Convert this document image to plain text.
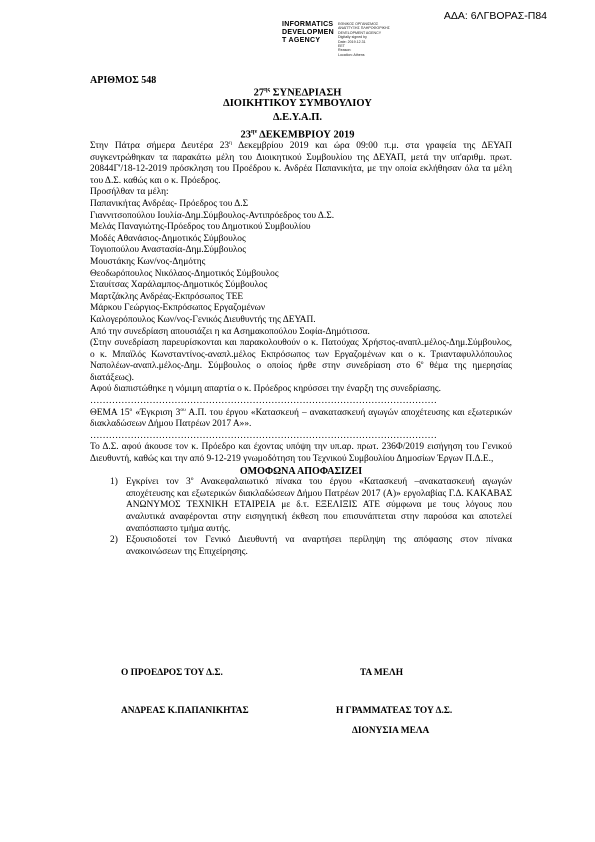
ΑΔΑ: 6ΛΓΒΟΡΑΣ-Π84
INFORMATICS
DEVELOPMEN
T AGENCY
ΕΘΝΙΚΟΣ ΟΡΓΑΝΙΣΜΟΣ
ΑΝΑΠΤΥΞΗΣ ΠΛΗΡΟΦΟΡΙΚΗΣ
DEVELOPMENT AGENCY
Digitally signed by
Date: 2019.12.31
EET
Reason:
Location: Athens
ΑΡΙΘΜΟΣ 548
$27^{\eta\varsigma}$ ΣΥΝΕΔΡΙΑΣΗ
ΔΙΟΙΚΗΤΙΚΟΥ ΣΥΜΒΟΥΛΙΟΥ
Δ.Ε.Υ.Α.Π.
$23^{\eta\nu}$ ΔΕΚΕΜΒΡΙΟΥ 2019

Στην Πάτρα σήμερα Δευτέρα $23^\eta$ Δεκεμβρίου 2019 και ώρα 09:00 π.μ. στα γραφεία της ΔΕΥΑΠ συγκεντρώθηκαν τα παρακάτω μέλη του Διοικητικού Συμβουλίου της ΔΕΥΑΠ, μετά την υπ'αριθμ. πρωτ. 20844Γ'/18-12-2019 πρόσκληση του Προέδρου κ. Ανδρέα Παπανικήτα, με την οποία εκλήθησαν όλα τα μέλη του Δ.Σ. καθώς και ο κ. Πρόεδρος.

Προσήλθαν τα μέλη:

Παπανικήτας Ανδρέας- Πρόεδρος του Δ.Σ

Γιαννιτσοπούλου Ιουλία-Δημ.Σύμβουλος-Αντιπρόεδρος του Δ.Σ.

Μελάς Παναγιώτης-Πρόεδρος του Δημοτικού Συμβουλίου

Μοδές Αθανάσιος-Δημοτικός Σύμβουλος

Τογιοπούλου Αναστασία-Δημ.Σύμβουλος

Μουστάκης Κων/νος-Δημότης

Θεοδωρόπουλος Νικόλαος-Δημοτικός Σύμβουλος

Σταυίτσας Χαράλαμπος-Δημοτικός Σύμβουλος

Μαρτζάκλης Ανδρέας-Εκπρόσωπος ΤΕΕ

Μάρκου Γεώργιος-Εκπρόσωπος Εργαζομένων

Καλογερόπουλος Κων/νος-Γενικός Διευθυντής της ΔΕΥΑΠ.

Από την συνεδρίαση απουσιάζει η κα Ασημακοπούλου Σοφία-Δημότισσα.

(Στην συνεδρίαση παρευρίσκονται και παρακολουθούν ο κ. Πατούχας Χρήστος-αναπλ.μέλος-Δημ.Σύμβουλος, ο κ. Μπαϊλός Κωνσταντίνος-αναπλ.μέλος Εκπρόσωπος των Εργαζομένων και ο κ. Τριανταφυλλόπουλος Ναπολέων-αναπλ.μέλος-Δημ. Σύμβουλος ο οποίος ήρθε στην συνεδρίαση στο $6^o$ θέμα της ημερησίας διατάξεως).

Αφού διαπιστώθηκε η νόμιμη απαρτία ο κ. Πρόεδρος κηρύσσει την έναρξη της συνεδρίασης.

…………………………………………………………………………………………………

ΘΕΜΑ $15^o$ «Έγκριση $3^{o\upsilon}$ Α.Π. του έργου «Κατασκευή – ανακατασκευή αγωγών αποχέτευσης και εξωτερικών διακλαδώσεων Δήμου Πατρέων 2017 Α»».

…………………………………………………………………………………………………

Το Δ.Σ. αφού άκουσε τον κ. Πρόεδρο και έχοντας υπόψη την υπ.αρ. πρωτ. 236Φ/2019 εισήγηση του Γενικού Διευθυντή, καθώς και την από 9-12-219 γνωμοδότηση του Τεχνικού Συμβουλίου Δημοσίων Έργων Π.Δ.Ε.,

ΟΜΟΦΩΝΑ ΑΠΟΦΑΣΙΖΕΙ

1) Εγκρίνει τον $3^o$ Ανακεφαλαιωτικό πίνακα του έργου «Κατασκευή –ανακατασκευή αγωγών αποχέτευσης και εξωτερικών διακλαδώσεων Δήμου Πατρέων 2017 (Α)» εργολαβίας Γ.Δ. ΚΑΚΑΒΑΣ ΑΝΩΝΥΜΟΣ ΤΕΧΝΙΚΗ ΕΤΑΙΡΕΙΑ με δ.τ. ΕΞΕΛΙΞΙΣ ΑΤΕ σύμφωνα με τους λόγους που αναλυτικά αναφέρονται στην εισηγητική έκθεση που επισυνάπτεται στην παρούσα και αποτελεί αναπόσπαστο τμήμα αυτής.
2) Εξουσιοδοτεί τον Γενικό Διευθυντή να αναρτήσει περίληψη της απόφασης στον πίνακα ανακοινώσεων της Επιχείρησης.
Ο ΠΡΟΕΔΡΟΣ ΤΟΥ Δ.Σ.	ΤΑ ΜΕΛΗ
ΑΝΔΡΕΑΣ Κ.ΠΑΠΑΝΙΚΗΤΑΣ	Η ΓΡΑΜΜΑΤΕΑΣ ΤΟΥ Δ.Σ.
ΔΙΟΝΥΣΙΑ ΜΕΛΑ
